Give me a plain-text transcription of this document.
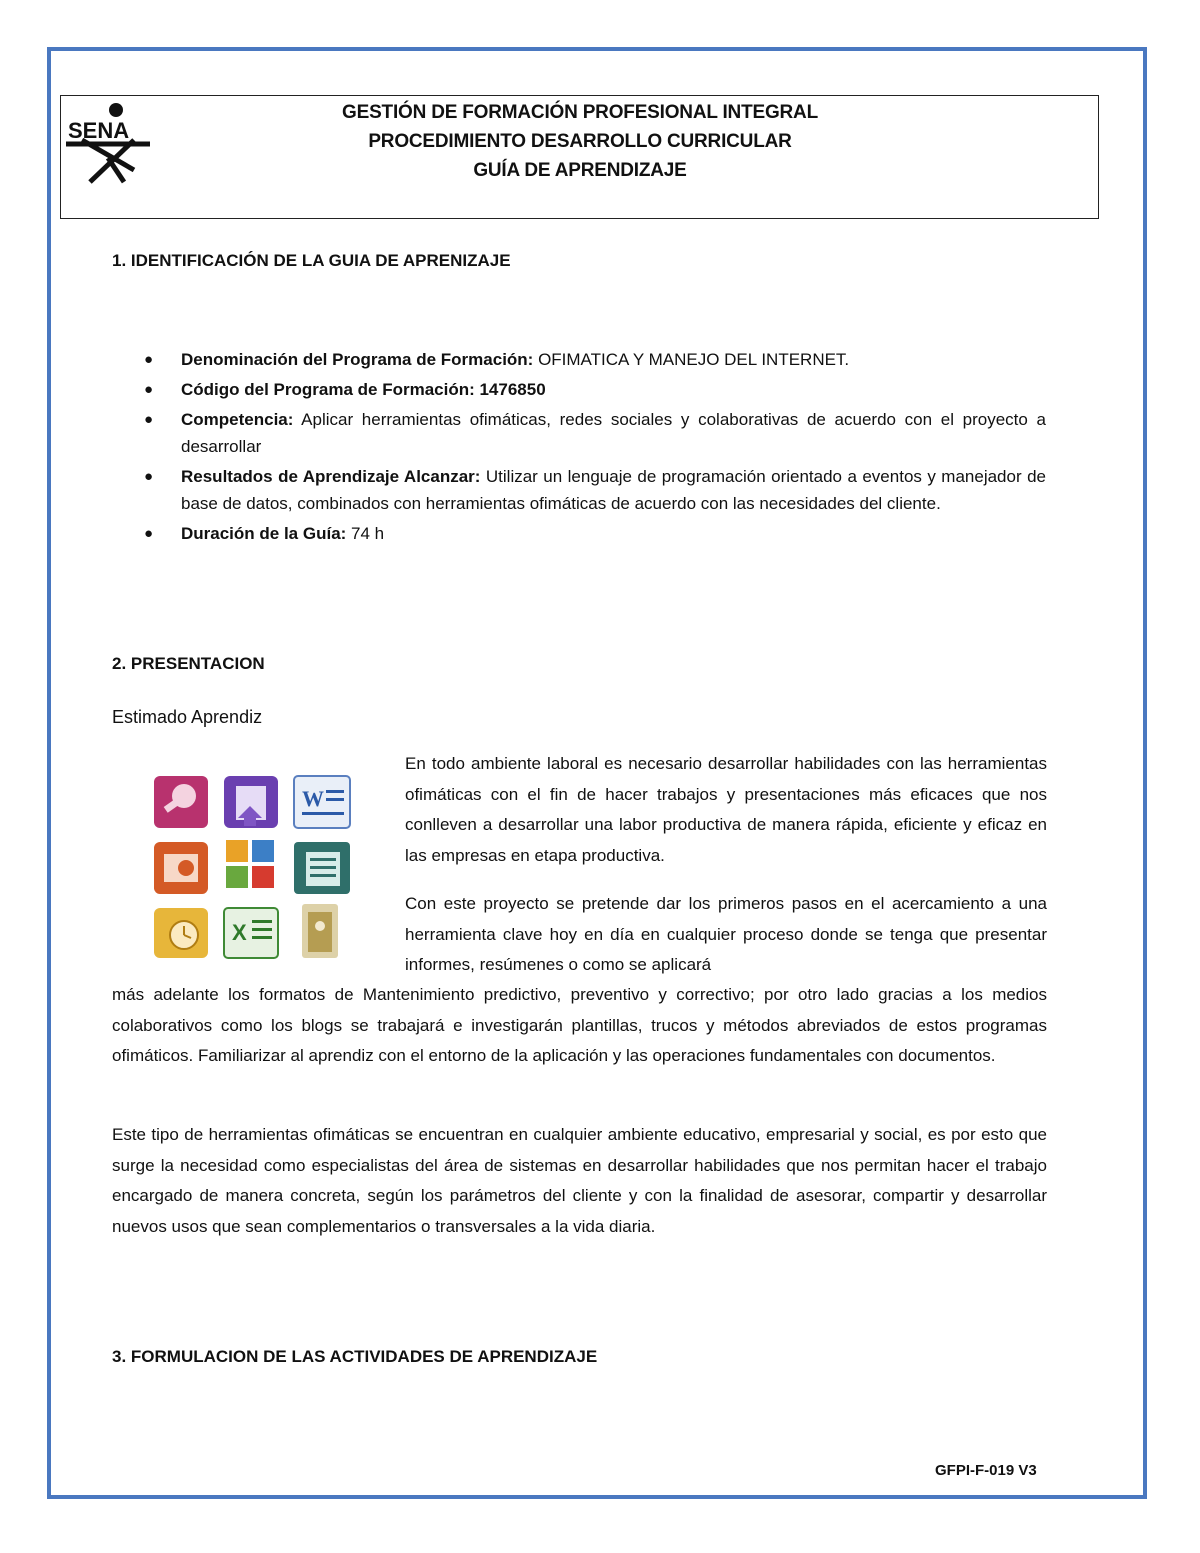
SENA
GESTIÓN DE FORMACIÓN PROFESIONAL INTEGRAL
PROCEDIMIENTO DESARROLLO CURRICULAR
GUÍA DE APRENDIZAJE
1. IDENTIFICACIÓN DE LA GUIA DE APRENIZAJE
● Denominación del Programa de Formación: OFIMATICA Y MANEJO DEL INTERNET.
● Código del Programa de Formación: 1476850
● Competencia: Aplicar herramientas ofimáticas, redes sociales y colaborativas de acuerdo con el proyecto a desarrollar
● Resultados de Aprendizaje Alcanzar: Utilizar un lenguaje de programación orientado a eventos y manejador de base de datos, combinados con herramientas ofimáticas de acuerdo con las necesidades del cliente.
● Duración de la Guía: 74 h
2. PRESENTACION
Estimado Aprendiz
W
X
En todo ambiente laboral es necesario desarrollar habilidades con las herramientas ofimáticas con el fin de hacer trabajos y presentaciones más eficaces que nos conlleven a desarrollar una labor productiva de manera rápida, eficiente y eficaz en las empresas en etapa productiva.
Con este proyecto se pretende dar los primeros pasos en el acercamiento a una herramienta clave hoy en día en cualquier proceso donde se tenga que presentar informes, resúmenes o como se aplicará
más adelante los formatos de Mantenimiento predictivo, preventivo y correctivo; por otro lado gracias a los medios colaborativos como los blogs se trabajará e investigarán plantillas, trucos y métodos abreviados de estos programas ofimáticos. Familiarizar al aprendiz con el entorno de la aplicación y las operaciones fundamentales con documentos.
Este tipo de herramientas ofimáticas se encuentran en cualquier ambiente educativo, empresarial y social, es por esto que surge la necesidad como especialistas del área de sistemas en desarrollar habilidades que nos permitan hacer el trabajo encargado de manera concreta, según los parámetros del cliente y con la finalidad de asesorar, compartir y desarrollar nuevos usos que sean complementarios o transversales a la vida diaria.
3. FORMULACION DE LAS ACTIVIDADES DE APRENDIZAJE
GFPI-F-019 V3
